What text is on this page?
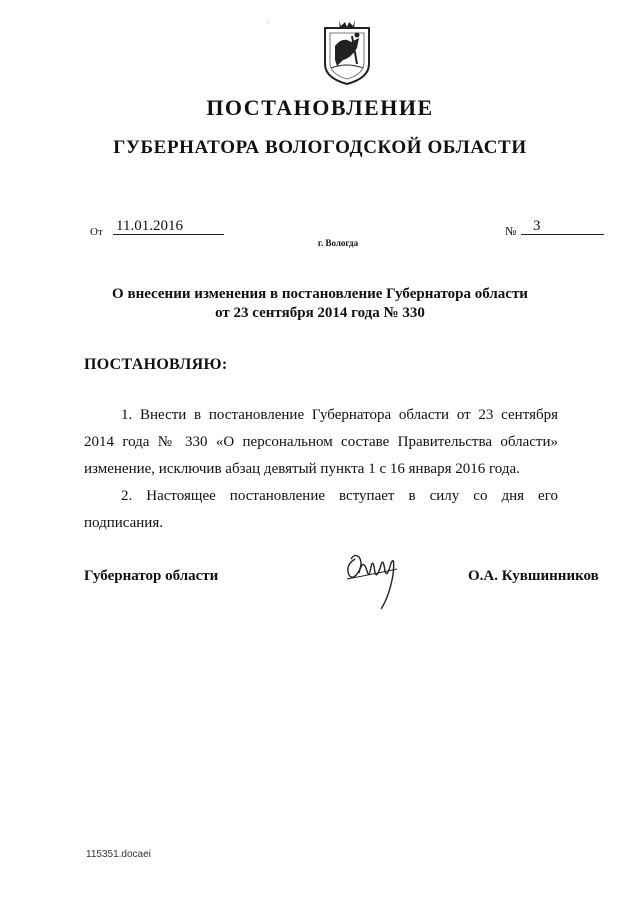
ПОСТАНОВЛЕНИЕ
ГУБЕРНАТОРА ВОЛОГОДСКОЙ ОБЛАСТИ
От 11.01.2016	№	3
г. Вологда
О внесении изменения в постановление Губернатора области
от 23 сентября 2014 года № 330
ПОСТАНОВЛЯЮ:
1. Внести в постановление Губернатора области от 23 сентября 2014 года № 330 «О персональном составе Правительства области» изменение, исключив абзац девятый пункта 1 с 16 января 2016 года.
2. Настоящее постановление вступает в силу со дня его подписания.
Губернатор области	О.А. Кувшинников
115351.docaei
